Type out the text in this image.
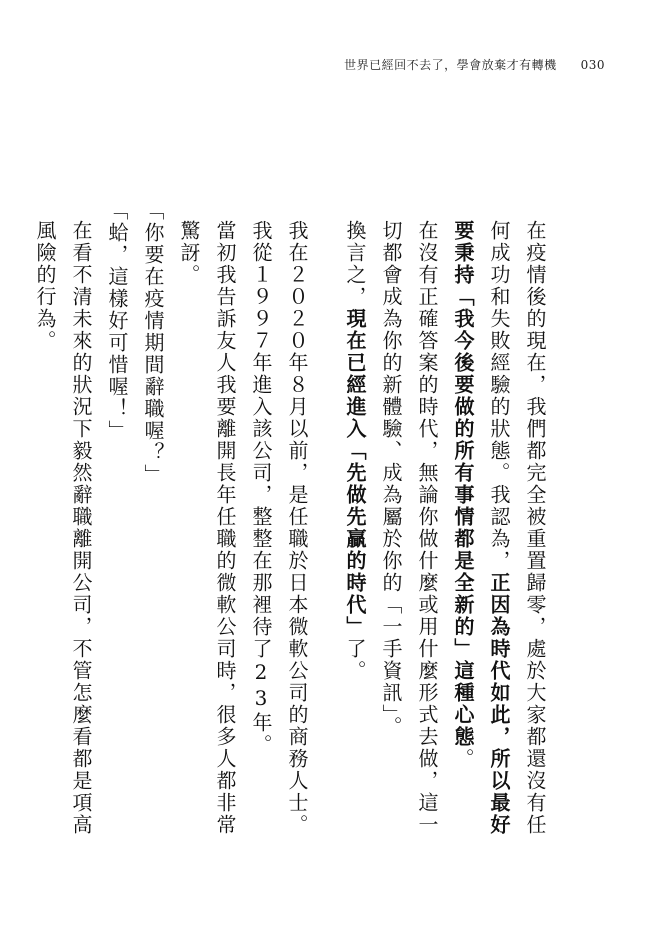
世界已經回不去了，學會放棄才有轉機 030

在疫情後的現在，我們都完全被重置歸零，處於大家都還沒有任何成功和失敗經驗的狀態。我認為，正因為時代如此，所以最好要秉持「我今後要做的所有事情都是全新的」這種心態。

在沒有正確答案的時代，無論你做什麼或用什麼形式去做，這一切都會成為你的新體驗、成為屬於你的「一手資訊」。

換言之，現在已經進入「先做先贏的時代」了。

我在２０２０年８月以前，是任職於日本微軟公司的商務人士。我從１９９７年進入該公司，整整在那裡待了23年。

當初我告訴友人我要離開長年任職的微軟公司時，很多人都非常驚訝。

「你要在疫情期間辭職喔？」

「蛤，這樣好可惜喔！」

在看不清未來的狀況下毅然辭職離開公司，不管怎麼看都是項高風險的行為。
